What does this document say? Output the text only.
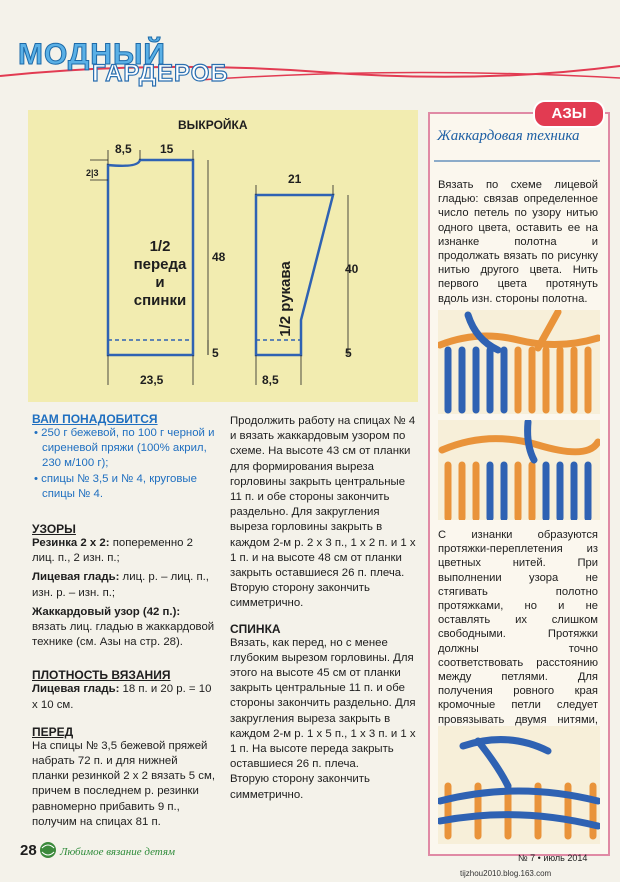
МОДНЫЙ
ГАРДЕРОБ
ВЫКРОЙКА
8,5 15
2|3
48
5
23,5
21
40
5
8,5
1/2
переда
и
спинки	1/2 рукава
ВАМ ПОНАДОБИТСЯ
• 250 г бежевой, по 100 г черной и сиреневой пряжи (100% акрил, 230 м/100 г);
• спицы № 3,5 и № 4, круговые спицы № 4.
УЗОРЫ
Резинка 2 х 2: попеременно 2 лиц. п., 2 изн. п.;
Лицевая гладь: лиц. р. – лиц. п., изн. р. – изн. п.;
Жаккардовый узор (42 п.): вязать лиц. гладью в жаккардовой технике (см. Азы на стр. 28).
ПЛОТНОСТЬ ВЯЗАНИЯ
Лицевая гладь: 18 п. и 20 р. = 10 х 10 см.
ПЕРЕД
На спицы № 3,5 бежевой пряжей набрать 72 п. и для нижней планки резинкой 2 х 2 вязать 5 см, причем в последнем р. резинки равномерно прибавить 9 п., получим на спицах 81 п.
Продолжить работу на спицах № 4 и вязать жаккардовым узором по схеме. На высоте 43 см от планки для формирования выреза горловины закрыть центральные 11 п. и обе стороны закончить раздельно. Для закругления выреза горловины закрыть в каждом 2-м р. 2 х 3 п., 1 х 2 п. и 1 х 1 п. и на высоте 48 см от планки закрыть оставшиеся 26 п. плеча.
Вторую сторону закончить симметрично.
СПИНКА
Вязать, как перед, но с менее глубоким вырезом горловины. Для этого на высоте 45 см от планки закрыть центральные 11 п. и обе стороны закончить раздельно. Для закругления выреза закрыть в каждом 2-м р. 1 х 5 п., 1 х 3 п. и 1 х 1 п. На высоте переда закрыть оставшиеся 26 п. плеча.
Вторую сторону закончить симметрично.
АЗЫ
Жаккардовая техника
Вязать по схеме лицевой гладью: связав определенное число петель по узору нитью одного цвета, оставить ее на изнанке полотна и продолжать вязать по рисунку нитью другого цвета. Нить первого цвета протянуть вдоль изн. стороны полотна.
С изнанки образуются протяжки-переплетения из цветных нитей. При выполнении узора не стягивать полотно протяжками, но и не оставлять их слишком свободными. Протяжки должны точно соответствовать расстоянию между петлями. Для получения ровного края кромочные петли следует провязывать двумя нитями, находящимися в работе в данный момент.
28 Любимое вязание детям	№ 7 • июль 2014
tijzhou2010.blog.163.com
